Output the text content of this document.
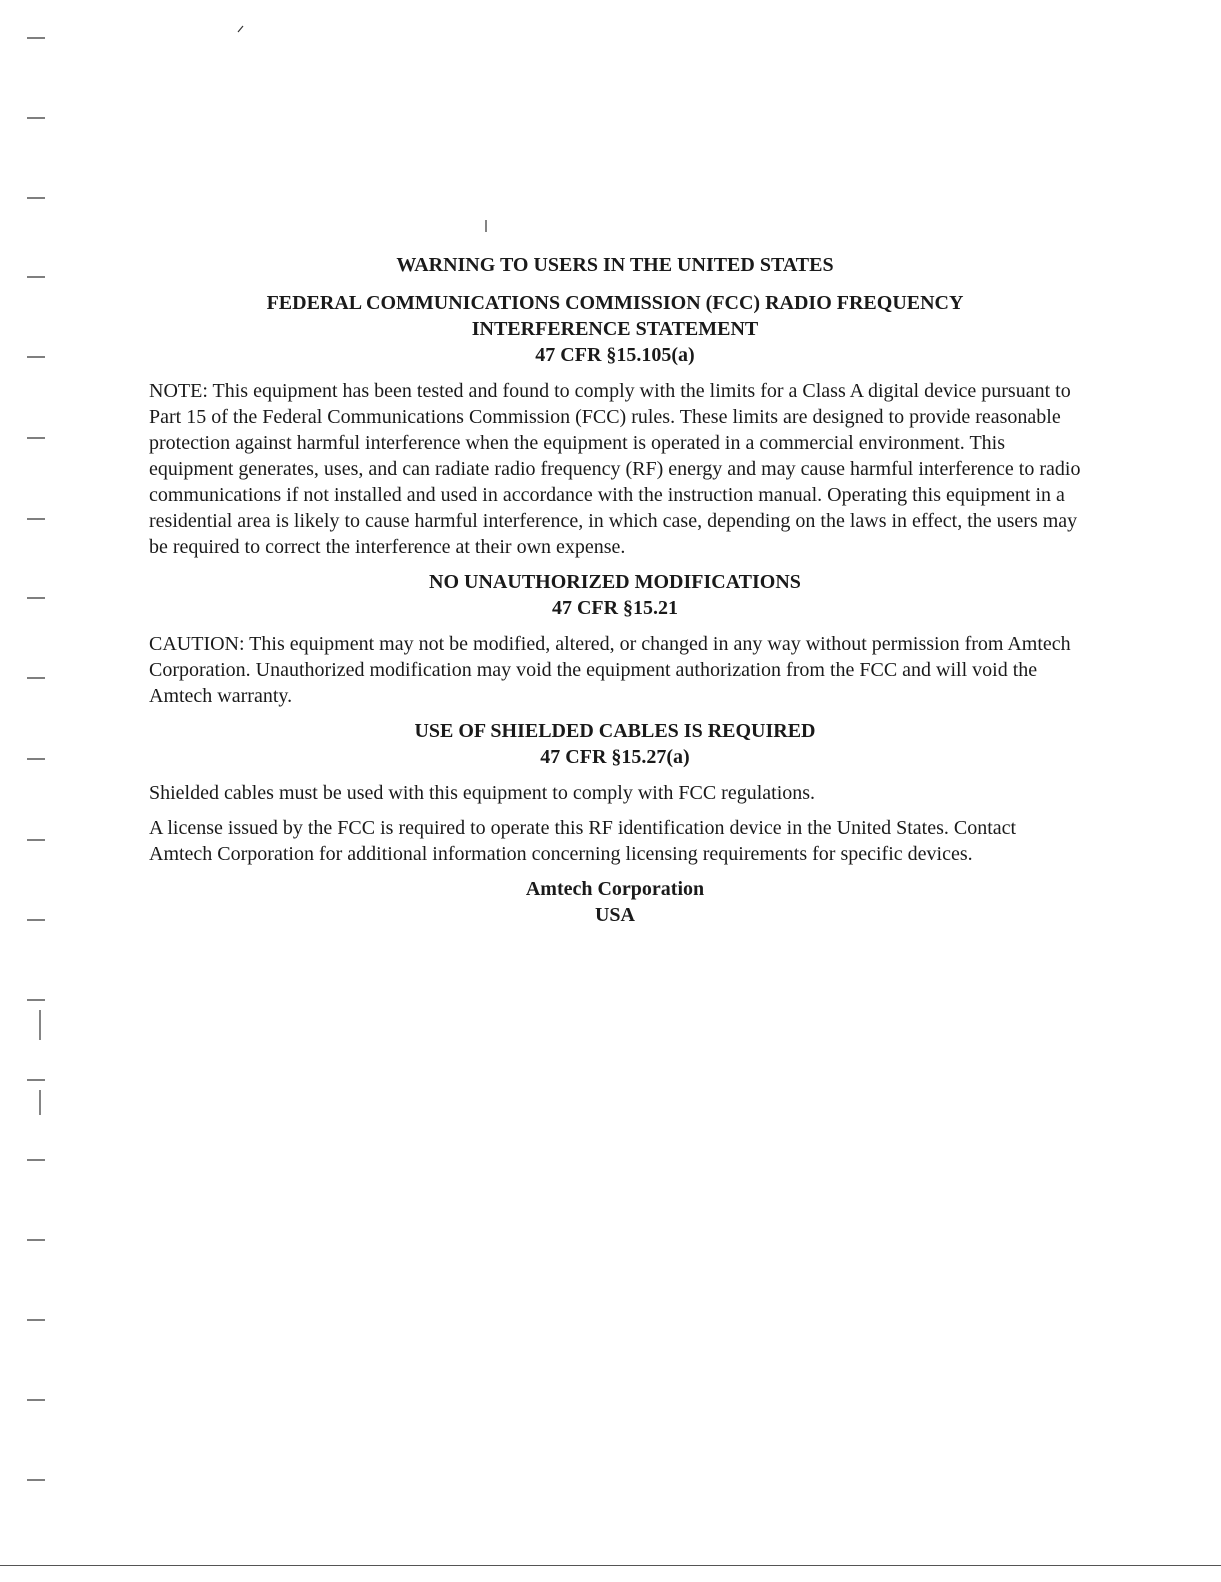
WARNING TO USERS IN THE UNITED STATES

FEDERAL COMMUNICATIONS COMMISSION (FCC) RADIO FREQUENCY

INTERFERENCE STATEMENT

47 CFR §15.105(a)

NOTE: This equipment has been tested and found to comply with the limits for a Class A digital device pursuant to Part 15 of the Federal Communications Commission (FCC) rules. These limits are designed to provide reasonable protection against harmful interference when the equipment is operated in a commercial environment. This equipment generates, uses, and can radiate radio frequency (RF) energy and may cause harmful interference to radio communications if not installed and used in accordance with the instruction manual. Operating this equipment in a residential area is likely to cause harmful interference, in which case, depending on the laws in effect, the users may be required to correct the interference at their own expense.

NO UNAUTHORIZED MODIFICATIONS

47 CFR §15.21

CAUTION: This equipment may not be modified, altered, or changed in any way without permission from Amtech Corporation. Unauthorized modification may void the equipment authorization from the FCC and will void the Amtech warranty.

USE OF SHIELDED CABLES IS REQUIRED

47 CFR §15.27(a)

Shielded cables must be used with this equipment to comply with FCC regulations.

A license issued by the FCC is required to operate this RF identification device in the United States. Contact Amtech Corporation for additional information concerning licensing requirements for specific devices.

Amtech Corporation

USA
